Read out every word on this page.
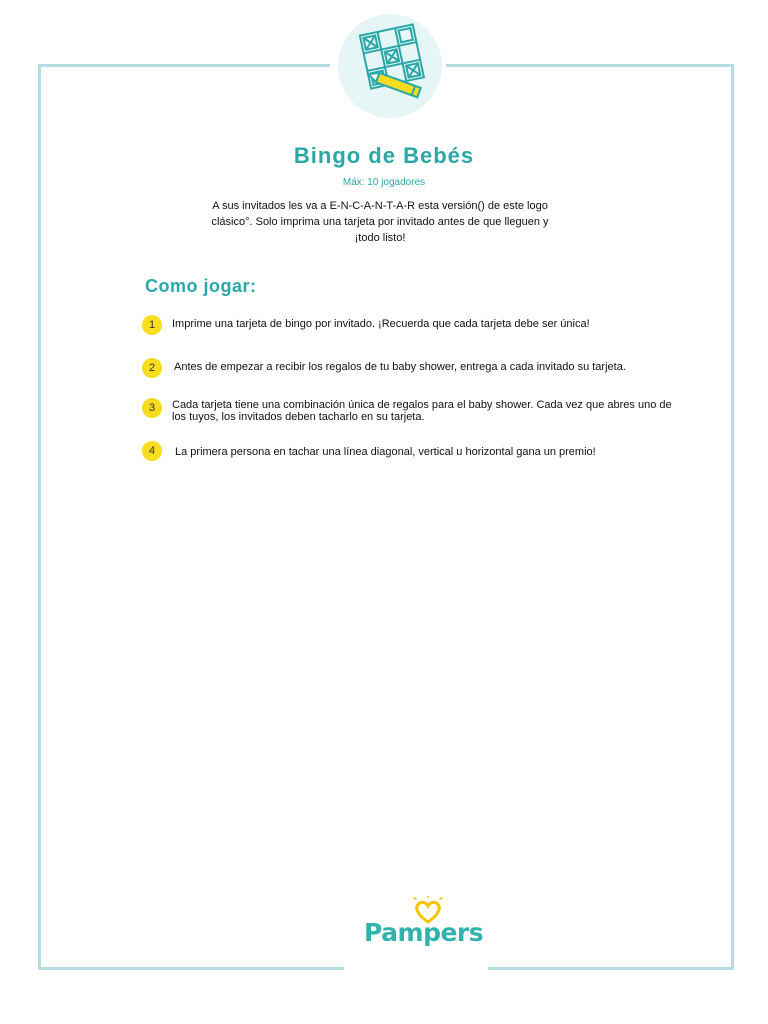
Bingo de Bebés
Máx: 10 jogadores
A sus invitados les va a E-N-C-A-N-T-A-R esta versión() de este logo clásico°. Solo imprima una tarjeta por invitado antes de que lleguen y ¡todo listo!
Como jogar:
1	Imprime una tarjeta de bingo por invitado. ¡Recuerda que cada tarjeta debe ser única!
2	Antes de empezar a recibir los regalos de tu baby shower, entrega a cada invitado su tarjeta.
3	Cada tarjeta tiene una combinación única de regalos para el baby shower. Cada vez que abres uno de los tuyos, los invitados deben tacharlo en su tarjeta.
4	La primera persona en tachar una línea diagonal, vertical u horizontal gana un premio!
Pampers
